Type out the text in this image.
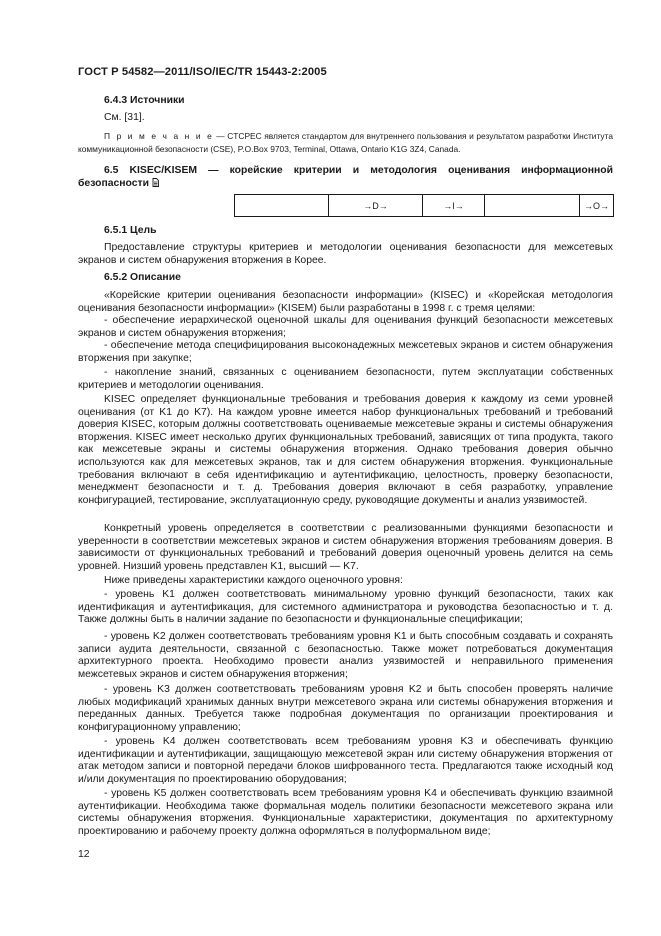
ГОСТ Р 54582—2011/ISO/IEC/TR 15443-2:2005
6.4.3 Источники

См. [31].

П р и м е ч а н и е — CTCPEC является стандартом для внутреннего пользования и результатом разработки Института коммуникационной безопасности (CSE), P.O.Box 9703, Terminal, Ottawa, Ontario K1G 3Z4, Canada.

6.5 KISEC/KISEM — корейские критерии и методология оценивания информационной безопасности

	→D→	→I→		→O→
6.5.1 Цель

Предоставление структуры критериев и методологии оценивания безопасности для межсетевых экранов и систем обнаружения вторжения в Корее.

6.5.2 Описание

«Корейские критерии оценивания безопасности информации» (KISEC) и «Корейская методология оценивания безопасности информации» (KISEM) были разработаны в 1998 г. с тремя целями:

- обеспечение иерархической оценочной шкалы для оценивания функций безопасности межсетевых экранов и систем обнаружения вторжения;

- обеспечение метода специфицирования высоконадежных межсетевых экранов и систем обнаружения вторжения при закупке;

- накопление знаний, связанных с оцениванием безопасности, путем эксплуатации собственных критериев и методологии оценивания.

KISEC определяет функциональные требования и требования доверия к каждому из семи уровней оценивания (от K1 до K7). На каждом уровне имеется набор функциональных требований и требований доверия KISEC, которым должны соответствовать оцениваемые межсетевые экраны и системы обнаружения вторжения. KISEC имеет несколько других функциональных требований, зависящих от типа продукта, такого как межсетевые экраны и системы обнаружения вторжения. Однако требования доверия обычно используются как для межсетевых экранов, так и для систем обнаружения вторжения. Функциональные требования включают в себя идентификацию и аутентификацию, целостность, проверку безопасности, менеджмент безопасности и т. д. Требования доверия включают в себя разработку, управление конфигурацией, тестирование, эксплуатационную среду, руководящие документы и анализ уязвимостей.

Конкретный уровень определяется в соответствии с реализованными функциями безопасности и уверенности в соответствии межсетевых экранов и систем обнаружения вторжения требованиям доверия. В зависимости от функциональных требований и требований доверия оценочный уровень делится на семь уровней. Низший уровень представлен K1, высший — K7.

Ниже приведены характеристики каждого оценочного уровня:

- уровень K1 должен соответствовать минимальному уровню функций безопасности, таких как идентификация и аутентификация, для системного администратора и руководства безопасностью и т. д. Также должны быть в наличии задание по безопасности и функциональные спецификации;

- уровень K2 должен соответствовать требованиям уровня K1 и быть способным создавать и сохранять записи аудита деятельности, связанной с безопасностью. Также может потребоваться документация архитектурного проекта. Необходимо провести анализ уязвимостей и неправильного применения межсетевых экранов и систем обнаружения вторжения;

- уровень K3 должен соответствовать требованиям уровня K2 и быть способен проверять наличие любых модификаций хранимых данных внутри межсетевого экрана или системы обнаружения вторжения и переданных данных. Требуется также подробная документация по организации проектирования и конфигурационному управлению;

- уровень K4 должен соответствовать всем требованиям уровня K3 и обеспечивать функцию идентификации и аутентификации, защищающую межсетевой экран или систему обнаружения вторжения от атак методом записи и повторной передачи блоков шифрованного теста. Предлагаются также исходный код и/или документация по проектированию оборудования;

- уровень K5 должен соответствовать всем требованиям уровня K4 и обеспечивать функцию взаимной аутентификации. Необходима также формальная модель политики безопасности межсетевого экрана или системы обнаружения вторжения. Функциональные характеристики, документация по архитектурному проектированию и рабочему проекту должна оформляться в полуформальном виде;

12
